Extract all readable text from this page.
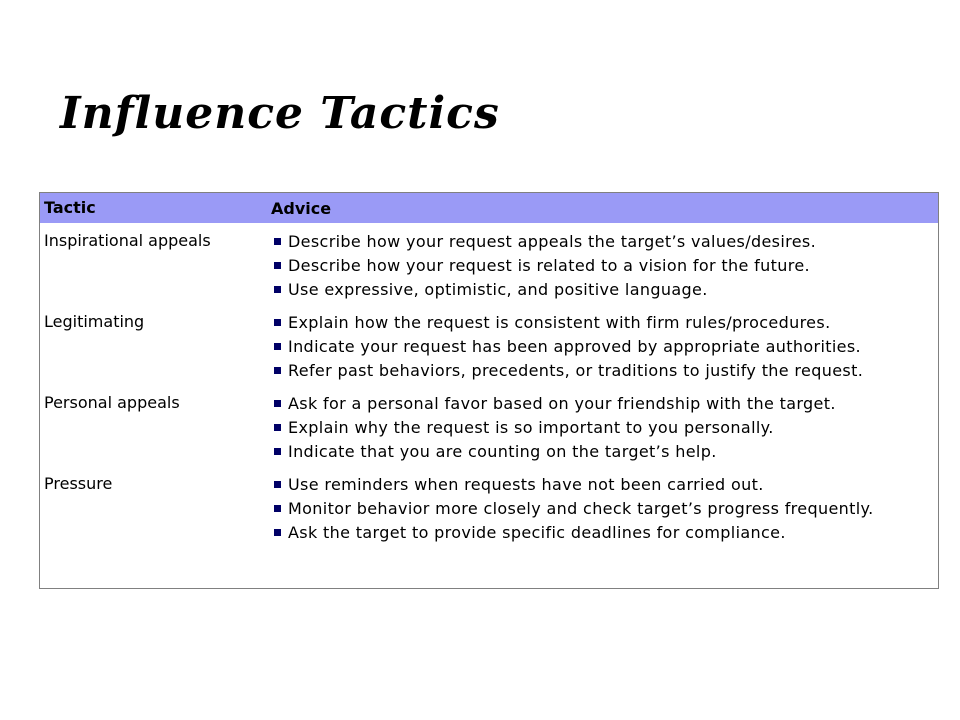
Influence Tactics
Tactic	Advice
Inspirational appeals	Describe how your request appeals the target’s values/desires.
Describe how your request is related to a vision for the future.
Use expressive, optimistic, and positive language.
Legitimating	Explain how the request is consistent with firm rules/procedures.
Indicate your request has been approved by appropriate authorities.
Refer past behaviors, precedents, or traditions to justify the request.
Personal appeals	Ask for a personal favor based on your friendship with the target.
Explain why the request is so important to you personally.
Indicate that you are counting on the target’s help.
Pressure	Use reminders when requests have not been carried out.
Monitor behavior more closely and check target’s progress frequently.
Ask the target to provide specific deadlines for compliance.
